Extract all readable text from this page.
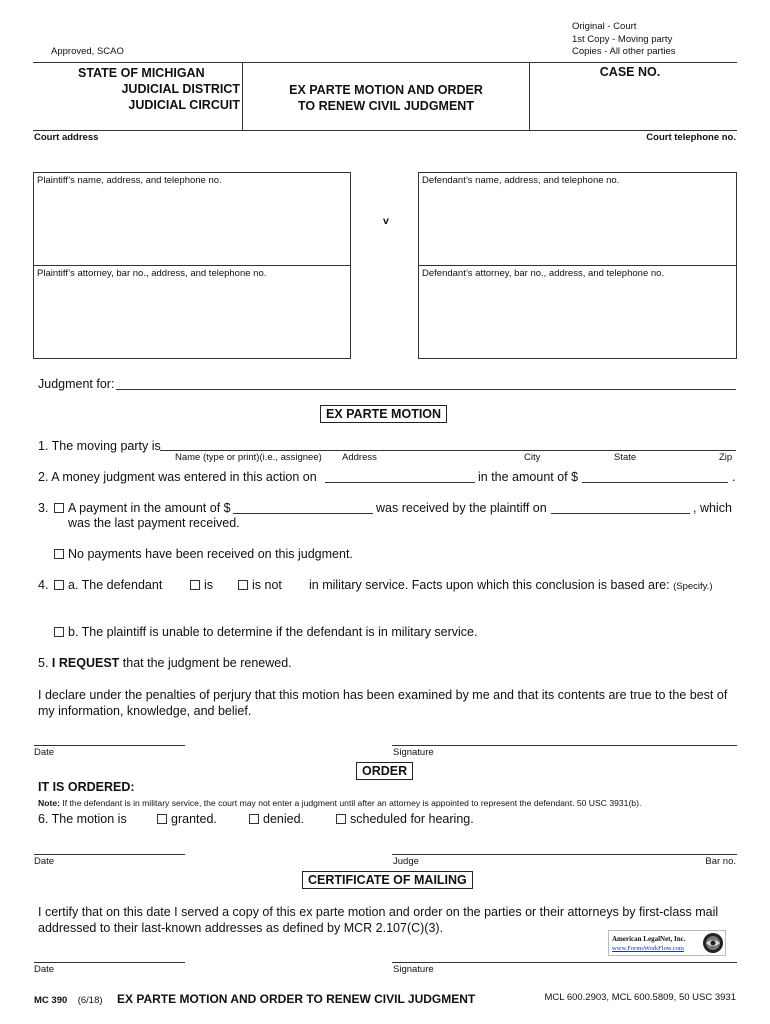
Original - Court
1st Copy - Moving party
Copies - All other parties
Approved, SCAO
STATE OF MICHIGAN
JUDICIAL DISTRICT
JUDICIAL CIRCUIT
EX PARTE MOTION AND ORDER
TO RENEW CIVIL JUDGMENT
CASE NO.
Court address	Court telephone no.
Plaintiff’s name, address, and telephone no.
Plaintiff’s attorney, bar no., address, and telephone no.
v
Defendant’s name, address, and telephone no.
Defendant’s attorney, bar no., address, and telephone no.
Judgment for:
EX PARTE MOTION
1. The moving party is
Name (type or print)(i.e., assignee) Address	City	State	Zip
2. A money judgment was entered in this action on	in the amount of $	.
3. A payment in the amount of $	was received by the plaintiff on	, which
was the last payment received.
No payments have been received on this judgment.
4. a. The defendant	is	is not in military service. Facts upon which this conclusion is based are: (Specify.)
b. The plaintiff is unable to determine if the defendant is in military service.
5. I REQUEST that the judgment be renewed.
I declare under the penalties of perjury that this motion has been examined by me and that its contents are true to the best of my information, knowledge, and belief.
Date	Signature
ORDER
IT IS ORDERED:
Note: If the defendant is in military service, the court may not enter a judgment until after an attorney is appointed to represent the defendant. 50 USC 3931(b).
6. The motion is	granted.	denied.	scheduled for hearing.
Date	Judge	Bar no.
CERTIFICATE OF MAILING
I certify that on this date I served a copy of this ex parte motion and order on the parties or their attorneys by first-class mail addressed to their last-known addresses as defined by MCR 2.107(C)(3).
American LegalNet, Inc.
www.FormsWorkFlow.com
Date	Signature
MC 390 (6/18) EX PARTE MOTION AND ORDER TO RENEW CIVIL JUDGMENT	MCL 600.2903, MCL 600.5809, 50 USC 3931
